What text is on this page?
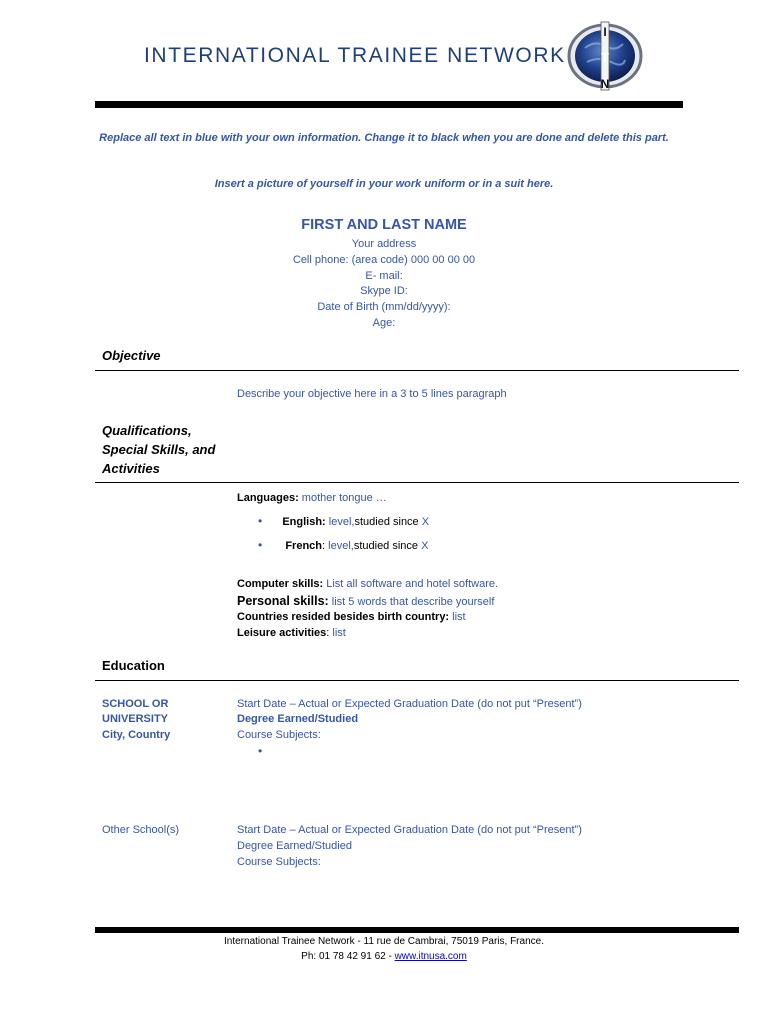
INTERNATIONAL TRAINEE NETWORK
I
T
N
Replace all text in blue with your own information. Change it to black when you are done and delete this part.
Insert a picture of yourself in your work uniform or in a suit here.
FIRST AND LAST NAME
Your address
Cell phone: (area code) 000 00 00 00
E- mail:
Skype ID:
Date of Birth (mm/dd/yyyy):
Age:
Objective
Describe your objective here in a 3 to 5 lines paragraph
Qualifications,
Special Skills, and
Activities
Languages: mother tongue …
• English: level,studied since X
• French: level,studied since X
Computer skills: List all software and hotel software.
Personal skills: list 5 words that describe yourself
Countries resided besides birth country: list
Leisure activities: list
Education
SCHOOL OR
UNIVERSITY
City, Country
Start Date – Actual or Expected Graduation Date (do not put “Present”)
Degree Earned/Studied
Course Subjects:
•
Other School(s)	Start Date – Actual or Expected Graduation Date (do not put “Present”)
Degree Earned/Studied
Course Subjects:
International Trainee Network - 11 rue de Cambrai, 75019 Paris, France.
Ph: 01 78 42 91 62 - www.itnusa.com
